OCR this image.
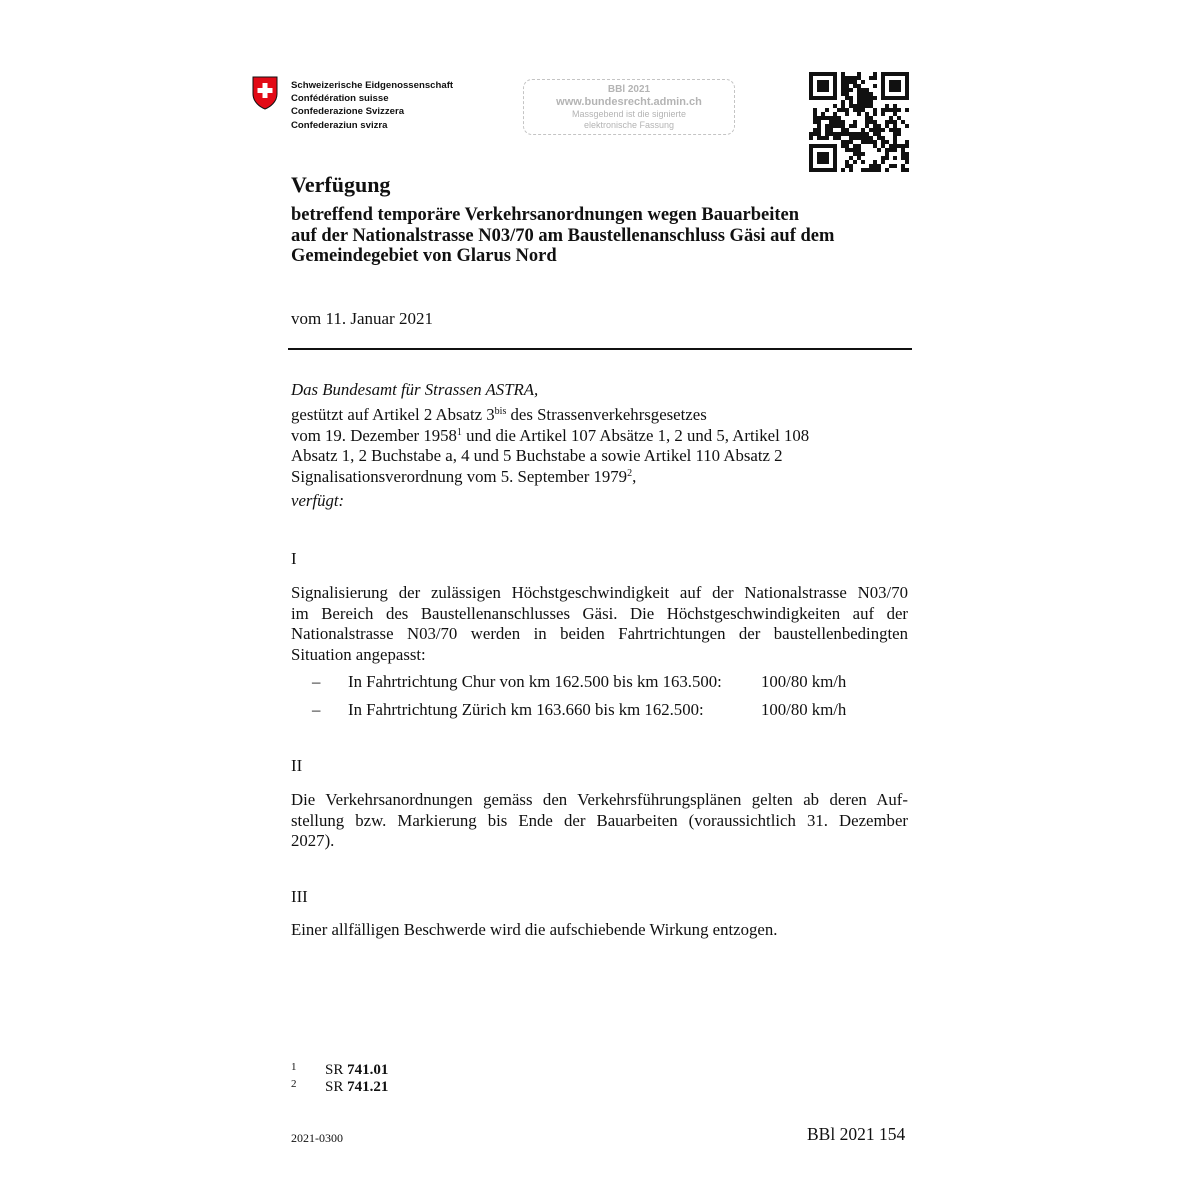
Schweizerische Eidgenossenschaft
Confédération suisse
Confederazione Svizzera
Confederaziun svizra
BBl 2021
www.bundesrecht.admin.ch
Massgebend ist die signierte
elektronische Fassung
Verfügung
betreffend temporäre Verkehrsanordnungen wegen Bauarbeiten
auf der Nationalstrasse N03/70 am Baustellenanschluss Gäsi auf dem
Gemeindegebiet von Glarus Nord
vom 11. Januar 2021
Das Bundesamt für Strassen ASTRA,
gestützt auf Artikel 2 Absatz $3^{bis}$ des Strassenverkehrsgesetzes
vom 19. Dezember 1958$^1$ und die Artikel 107 Absätze 1, 2 und 5, Artikel 108
Absatz 1, 2 Buchstabe a, 4 und 5 Buchstabe a sowie Artikel 110 Absatz 2
Signalisationsverordnung vom 5. September 1979$^2$,
verfügt:
I
Signalisierung der zulässigen Höchstgeschwindigkeit auf der Nationalstrasse N03/70
im Bereich des Baustellenanschlusses Gäsi. Die Höchstgeschwindigkeiten auf der
Nationalstrasse N03/70 werden in beiden Fahrtrichtungen der baustellenbedingten
Situation angepasst:
– In Fahrtrichtung Chur von km 162.500 bis km 163.500: 100/80 km/h
– In Fahrtrichtung Zürich km 163.660 bis km 162.500:	100/80 km/h
II
Die Verkehrsanordnungen gemäss den Verkehrsführungsplänen gelten ab deren Auf-
stellung bzw. Markierung bis Ende der Bauarbeiten (voraussichtlich 31. Dezember
2027).
III
Einer allfälligen Beschwerde wird die aufschiebende Wirkung entzogen.
1	SR 741.01
2	SR 741.21
2021-0300	BBl 2021 154
